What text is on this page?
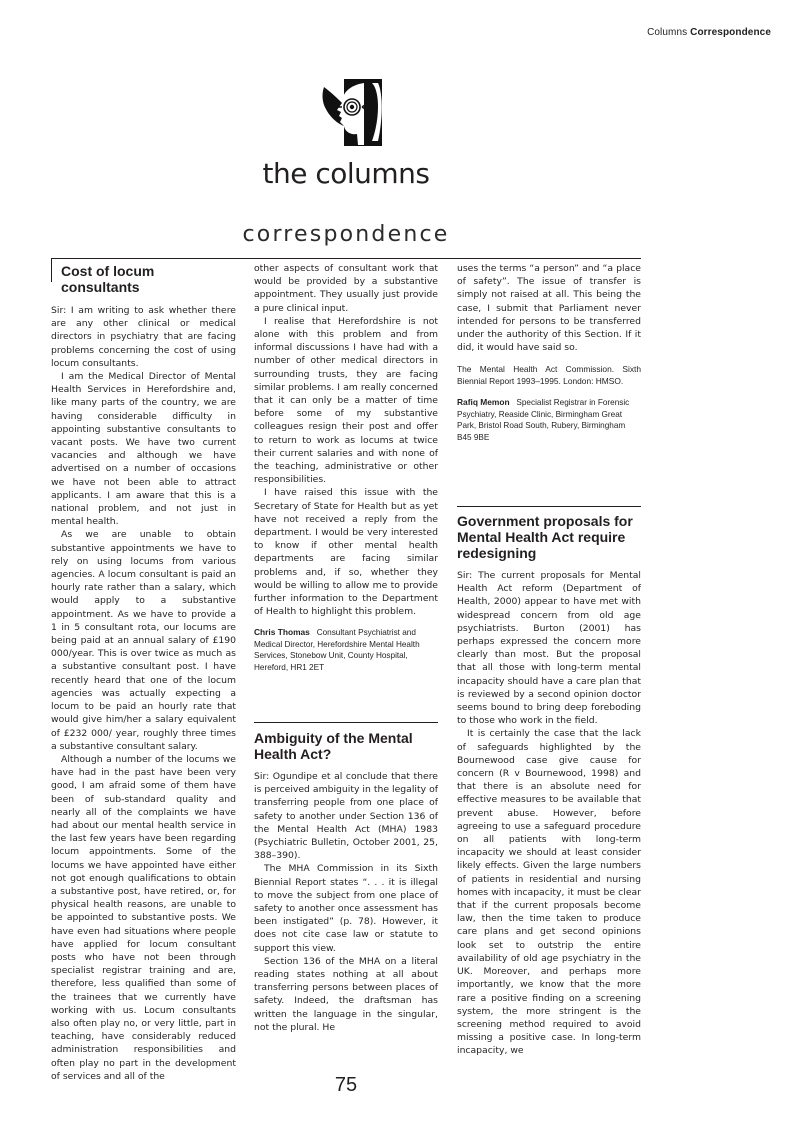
Columns Correspondence
the columns
correspondence
Cost of locum consultants

Sir: I am writing to ask whether there are any other clinical or medical directors in psychiatry that are facing problems concerning the cost of using locum consultants.

I am the Medical Director of Mental Health Services in Herefordshire and, like many parts of the country, we are having considerable difficulty in appointing substantive consultants to vacant posts. We have two current vacancies and although we have advertised on a number of occasions we have not been able to attract applicants. I am aware that this is a national problem, and not just in mental health.

As we are unable to obtain substantive appointments we have to rely on using locums from various agencies. A locum consultant is paid an hourly rate rather than a salary, which would apply to a substantive appointment. As we have to provide a 1 in 5 consultant rota, our locums are being paid at an annual salary of £190 000/year. This is over twice as much as a substantive consultant post. I have recently heard that one of the locum agencies was actually expecting a locum to be paid an hourly rate that would give him/her a salary equivalent of £232 000/ year, roughly three times a substantive consultant salary.

Although a number of the locums we have had in the past have been very good, I am afraid some of them have been of sub-standard quality and nearly all of the complaints we have had about our mental health service in the last few years have been regarding locum appointments. Some of the locums we have appointed have either not got enough qualifications to obtain a substantive post, have retired, or, for physical health reasons, are unable to be appointed to substantive posts. We have even had situations where people have applied for locum consultant posts who have not been through specialist registrar training and are, therefore, less qualified than some of the trainees that we currently have working with us. Locum consultants also often play no, or very little, part in teaching, have considerably reduced administration responsibilities and often play no part in the development of services and all of the

other aspects of consultant work that would be provided by a substantive appointment. They usually just provide a pure clinical input.

I realise that Herefordshire is not alone with this problem and from informal discussions I have had with a number of other medical directors in surrounding trusts, they are facing similar problems. I am really concerned that it can only be a matter of time before some of my substantive colleagues resign their post and offer to return to work as locums at twice their current salaries and with none of the teaching, administrative or other responsibilities.

I have raised this issue with the Secretary of State for Health but as yet have not received a reply from the department. I would be very interested to know if other mental health departments are facing similar problems and, if so, whether they would be willing to allow me to provide further information to the Department of Health to highlight this problem.

Chris Thomas Consultant Psychiatrist and Medical Director, Herefordshire Mental Health Services, Stonebow Unit, County Hospital, Hereford, HR1 2ET
Ambiguity of the Mental Health Act?

Sir: Ogundipe et al conclude that there is perceived ambiguity in the legality of transferring people from one place of safety to another under Section 136 of the Mental Health Act (MHA) 1983 (Psychiatric Bulletin, October 2001, 25, 388–390).

The MHA Commission in its Sixth Biennial Report states “. . . it is illegal to move the subject from one place of safety to another once assessment has been instigated” (p. 78). However, it does not cite case law or statute to support this view.

Section 136 of the MHA on a literal reading states nothing at all about transferring persons between places of safety. Indeed, the draftsman has written the language in the singular, not the plural. He

uses the terms “a person” and “a place of safety”. The issue of transfer is simply not raised at all. This being the case, I submit that Parliament never intended for persons to be transferred under the authority of this Section. If it did, it would have said so.

The Mental Health Act Commission. Sixth Biennial Report 1993–1995. London: HMSO.

Rafiq Memon Specialist Registrar in Forensic Psychiatry, Reaside Clinic, Birmingham Great Park, Bristol Road South, Rubery, Birmingham B45 9BE
Government proposals for Mental Health Act require redesigning

Sir: The current proposals for Mental Health Act reform (Department of Health, 2000) appear to have met with widespread concern from old age psychiatrists. Burton (2001) has perhaps expressed the concern more clearly than most. But the proposal that all those with long-term mental incapacity should have a care plan that is reviewed by a second opinion doctor seems bound to bring deep foreboding to those who work in the field.

It is certainly the case that the lack of safeguards highlighted by the Bournewood case give cause for concern (R v Bournewood, 1998) and that there is an absolute need for effective measures to be available that prevent abuse. However, before agreeing to use a safeguard procedure on all patients with long-term incapacity we should at least consider likely effects. Given the large numbers of patients in residential and nursing homes with incapacity, it must be clear that if the current proposals become law, then the time taken to produce care plans and get second opinions look set to outstrip the entire availability of old age psychiatry in the UK. Moreover, and perhaps more importantly, we know that the more rare a positive finding on a screening system, the more stringent is the screening method required to avoid missing a positive case. In long-term incapacity, we

75
